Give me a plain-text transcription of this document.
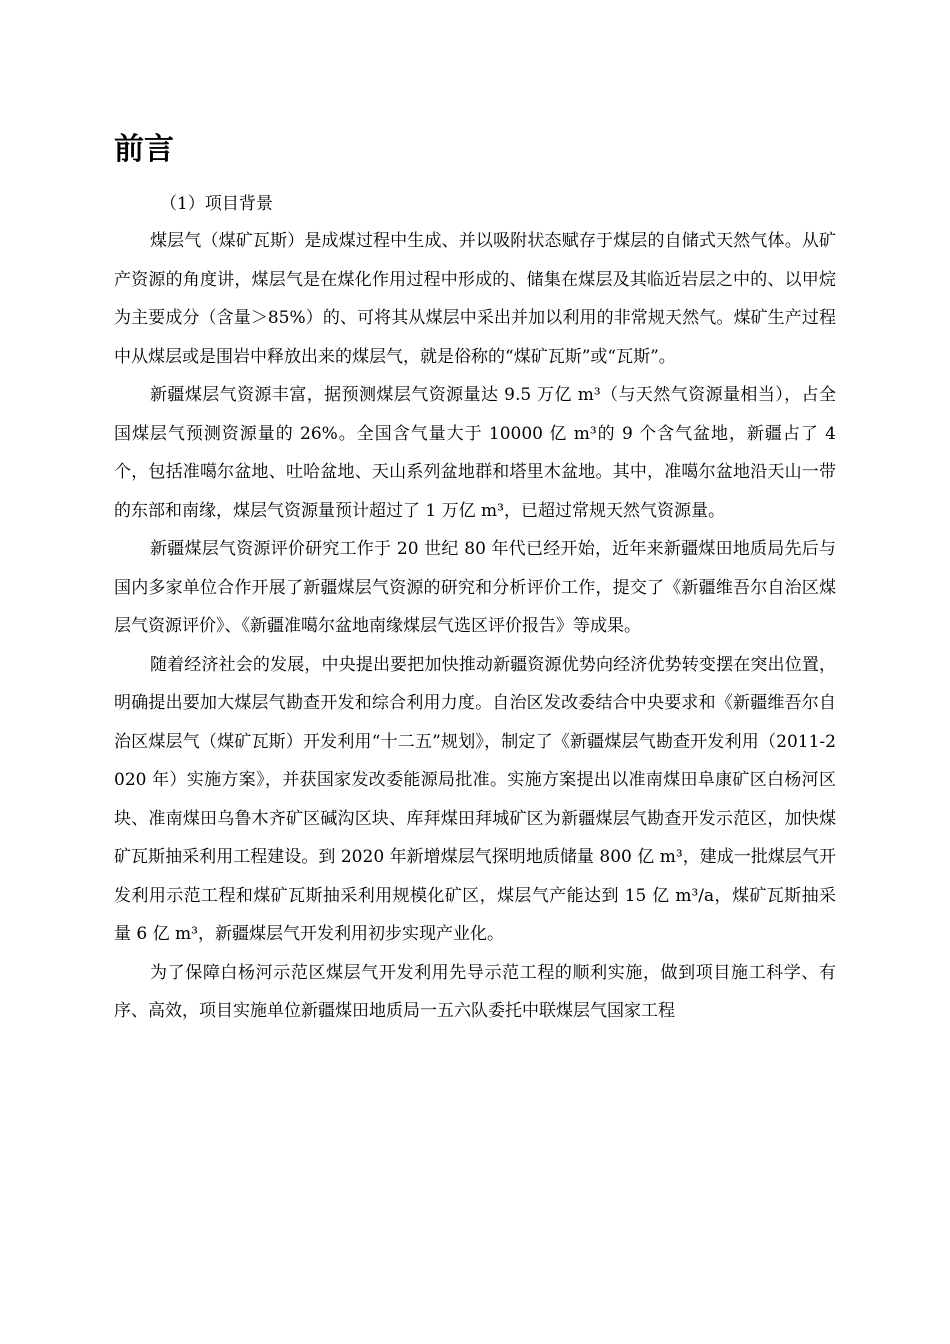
前言

（1）项目背景

煤层气（煤矿瓦斯）是成煤过程中生成、并以吸附状态赋存于煤层的自储式天然气体。从矿产资源的角度讲，煤层气是在煤化作用过程中形成的、储集在煤层及其临近岩层之中的、以甲烷为主要成分（含量＞85%）的、可将其从煤层中采出并加以利用的非常规天然气。煤矿生产过程中从煤层或是围岩中释放出来的煤层气，就是俗称的“煤矿瓦斯”或“瓦斯”。

新疆煤层气资源丰富，据预测煤层气资源量达 9.5 万亿 m³（与天然气资源量相当），占全国煤层气预测资源量的 26%。全国含气量大于 10000 亿 m³的 9 个含气盆地，新疆占了 4 个，包括准噶尔盆地、吐哈盆地、天山系列盆地群和塔里木盆地。其中，准噶尔盆地沿天山一带的东部和南缘，煤层气资源量预计超过了 1 万亿 m³，已超过常规天然气资源量。

新疆煤层气资源评价研究工作于 20 世纪 80 年代已经开始，近年来新疆煤田地质局先后与国内多家单位合作开展了新疆煤层气资源的研究和分析评价工作，提交了《新疆维吾尔自治区煤层气资源评价》、《新疆准噶尔盆地南缘煤层气选区评价报告》等成果。

随着经济社会的发展，中央提出要把加快推动新疆资源优势向经济优势转变摆在突出位置，明确提出要加大煤层气勘查开发和综合利用力度。自治区发改委结合中央要求和《新疆维吾尔自治区煤层气（煤矿瓦斯）开发利用“十二五”规划》，制定了《新疆煤层气勘查开发利用（2011-2020 年）实施方案》，并获国家发改委能源局批准。实施方案提出以准南煤田阜康矿区白杨河区块、准南煤田乌鲁木齐矿区碱沟区块、库拜煤田拜城矿区为新疆煤层气勘查开发示范区，加快煤矿瓦斯抽采利用工程建设。到 2020 年新增煤层气探明地质储量 800 亿 m³，建成一批煤层气开发利用示范工程和煤矿瓦斯抽采利用规模化矿区，煤层气产能达到 15 亿 m³/a，煤矿瓦斯抽采量 6 亿 m³，新疆煤层气开发利用初步实现产业化。

为了保障白杨河示范区煤层气开发利用先导示范工程的顺利实施，做到项目施工科学、有序、高效，项目实施单位新疆煤田地质局一五六队委托中联煤层气国家工程
